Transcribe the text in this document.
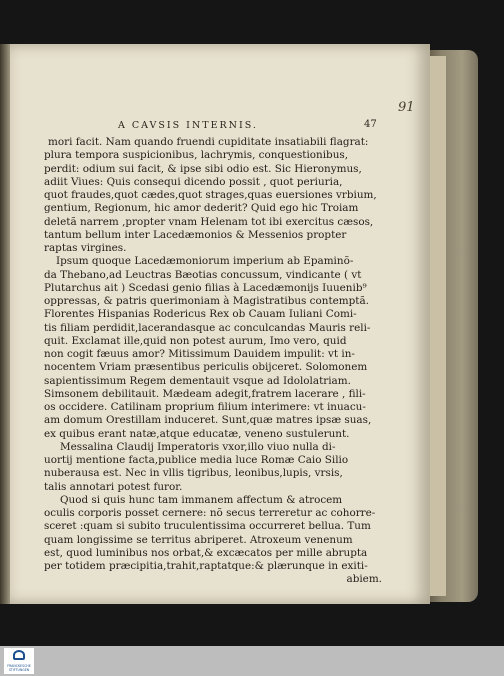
A CAVSIS INTERNIS.	47
91
mori facit. Nam quando fruendi cupiditate insatiabili flagrat:
plura tempora suspicionibus, lachrymis, conquestionibus,
perdit: odium sui facit, & ipse sibi odio est. Sic Hieronymus,
adiit Viues: Quis consequi dicendo possit , quot periuria,
quot fraudes,quot cædes,quot strages,quas euersiones vrbium,
gentium, Regionum, hic amor dederit? Quid ego hic Troiam
deletã narrem ,propter vnam Helenam tot ibi exercitus cæsos,
tantum bellum inter Lacedæmonios & Messenios propter
raptas virgines.
Ipsum quoque Lacedæmoniorum imperium ab Epaminõ-
da Thebano,ad Leuctras Bæotias concussum, vindicante ( vt
Plutarchus ait ) Scedasi genio filias à Lacedæmonijs Iuuenib⁹
oppressas, & patris querimoniam à Magistratibus contemptã.
Florentes Hispanias Rodericus Rex ob Cauam Iuliani Comi-
tis filiam perdidit,lacerandasque ac conculcandas Mauris reli-
quit. Exclamat ille,quid non potest aurum, Imo vero, quid
non cogit fæuus amor? Mitissimum Dauidem impulit: vt in-
nocentem Vriam præsentibus periculis obijceret. Solomonem
sapientissimum Regem dementauit vsque ad Idololatriam.
Simsonem debilitauit. Mædeam adegit,fratrem lacerare , fili-
os occidere. Catilinam proprium filium interimere: vt inuacu-
am domum Orestillam induceret. Sunt,quæ matres ipsæ suas,
ex quibus erant natæ,atque educatæ, veneno sustulerunt.
Messalina Claudij Imperatoris vxor,illo viuo nulla di-
uortij mentione facta,publice media luce Romæ Caio Silio
nuberausa est. Nec in vllis tigribus, leonibus,lupis, vrsis,
talis annotari potest furor.
Quod si quis hunc tam immanem affectum & atrocem
oculis corporis posset cernere: nõ secus terreretur ac cohorre-
sceret :quam si subito truculentissima occurreret bellua. Tum
quam longissime se territus abriperet. Atroxeum venenum
est, quod luminibus nos orbat,& excæcatos per mille abrupta
per totidem præcipitia,trahit,raptatque:& plærunque in exiti-
abiem.
FRANCKESCHE
STIFTUNGEN
